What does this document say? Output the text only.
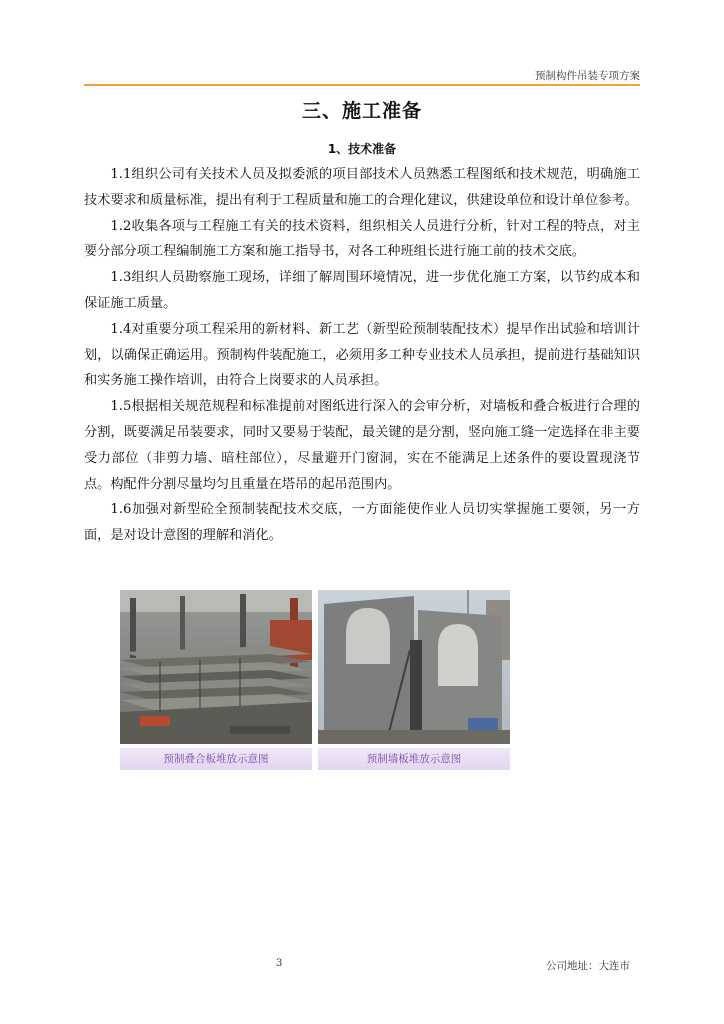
预制构件吊装专项方案
三、施工准备
1、技术准备

1.1组织公司有关技术人员及拟委派的项目部技术人员熟悉工程图纸和技术规范，明确施工技术要求和质量标准，提出有利于工程质量和施工的合理化建议，供建设单位和设计单位参考。

1.2收集各项与工程施工有关的技术资料，组织相关人员进行分析，针对工程的特点，对主要分部分项工程编制施工方案和施工指导书，对各工种班组长进行施工前的技术交底。

1.3组织人员勘察施工现场，详细了解周围环境情况，进一步优化施工方案，以节约成本和保证施工质量。

1.4对重要分项工程采用的新材料、新工艺（新型砼预制装配技术）提早作出试验和培训计划，以确保正确运用。预制构件装配施工，必须用多工种专业技术人员承担，提前进行基础知识和实务施工操作培训，由符合上岗要求的人员承担。

1.5根据相关规范规程和标准提前对图纸进行深入的会审分析，对墙板和叠合板进行合理的分割，既要满足吊装要求，同时又要易于装配，最关键的是分割，竖向施工缝一定选择在非主要受力部位（非剪力墙、暗柱部位），尽量避开门窗洞，实在不能满足上述条件的要设置现浇节点。构配件分割尽量均匀且重量在塔吊的起吊范围内。

1.6加强对新型砼全预制装配技术交底，一方面能使作业人员切实掌握施工要领，另一方面，是对设计意图的理解和消化。

预制叠合板堆放示意图	预制墙板堆放示意图
3	公司地址：大连市
